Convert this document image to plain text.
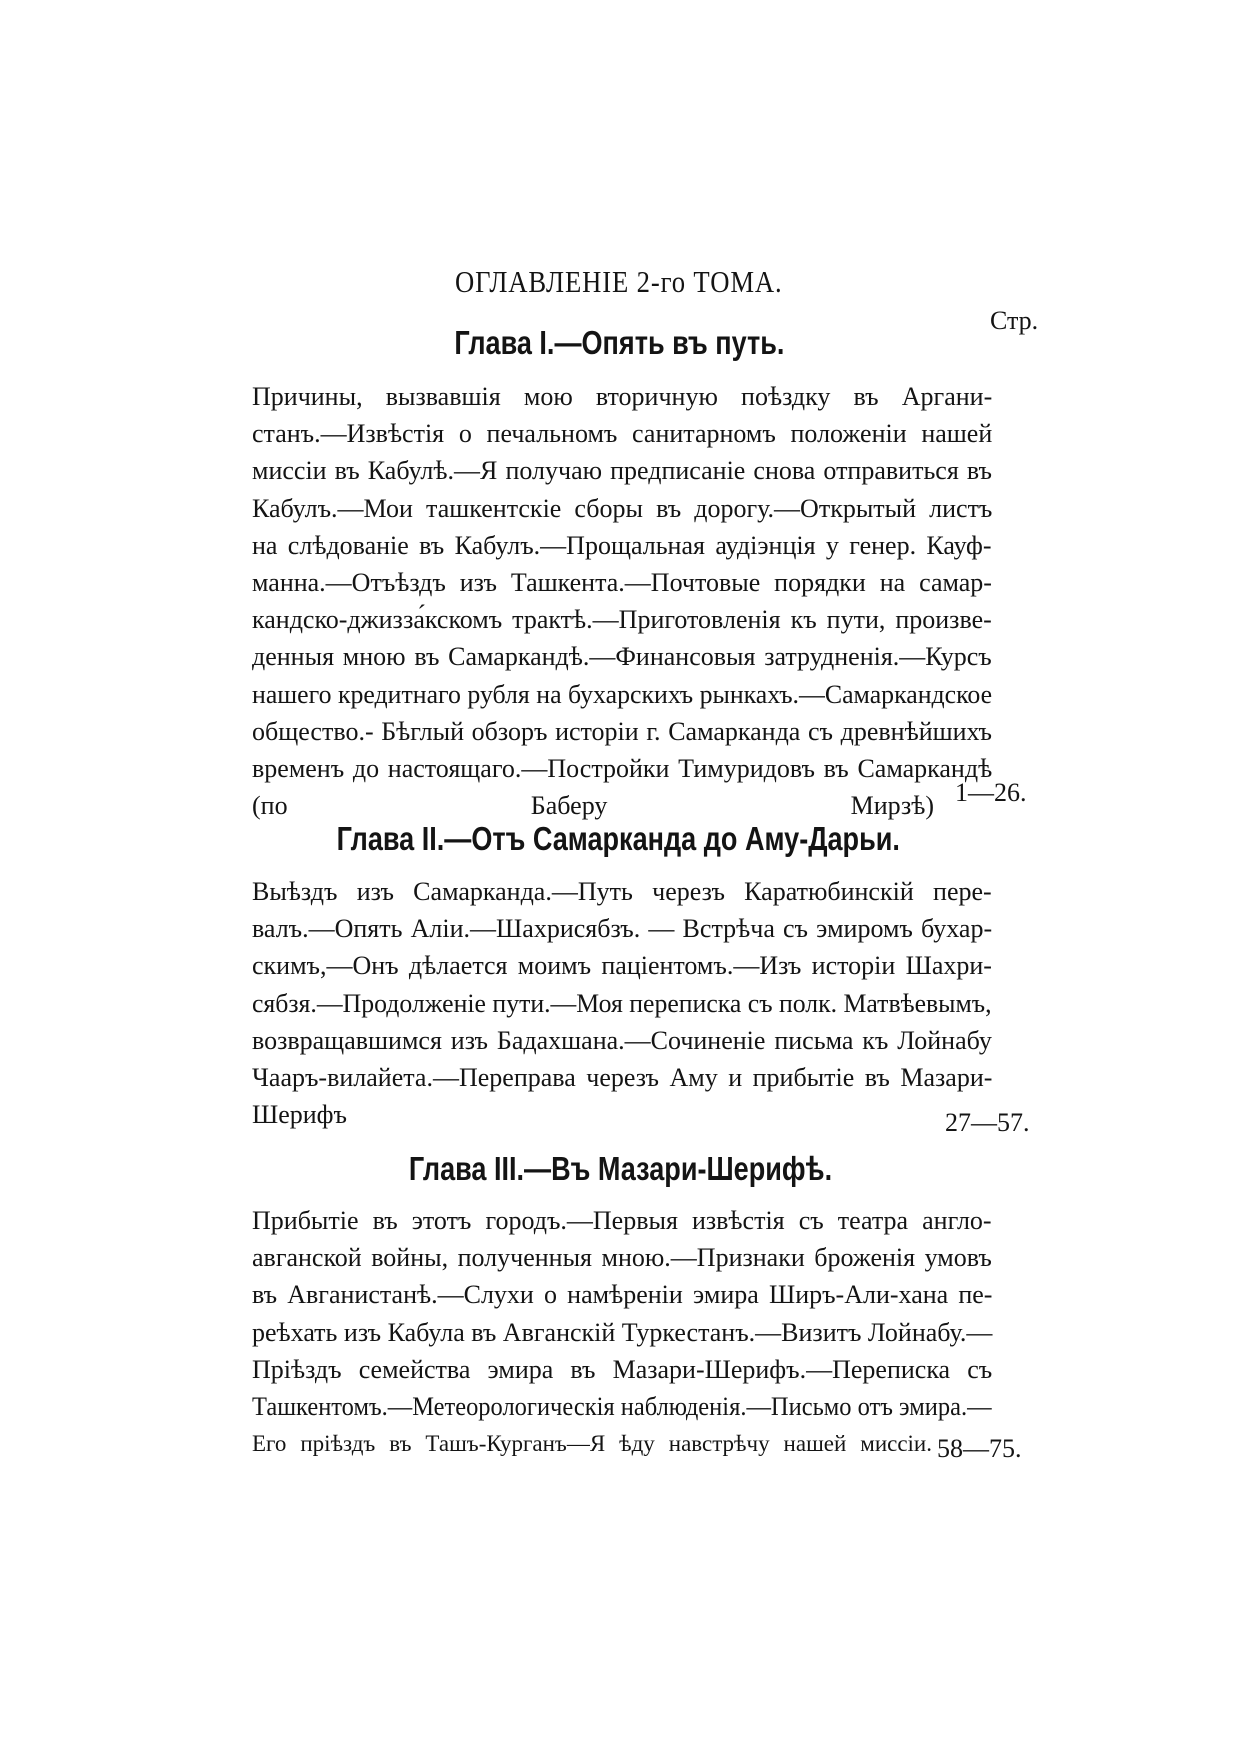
ОГЛАВЛЕНІЕ 2-го ТОМА.
Стр.
Глава I.—Опять въ путь.
Причины, вызвавшія мою вторичную поѣздку въ Аргани-
станъ.—Извѣстія о печальномъ санитарномъ положеніи нашей
миссіи въ Кабулѣ.—Я получаю предписаніе снова отправиться въ
Кабулъ.—Мои ташкентскіе сборы въ дорогу.—Открытый листъ
на слѣдованіе въ Кабулъ.—Прощальная аудіэнція у генер. Кауф-
манна.—Отъѣздъ изъ Ташкента.—Почтовые порядки на самар-
кандско-джизза́кскомъ трактѣ.—Приготовленія къ пути, произве-
денныя мною въ Самаркандѣ.—Финансовыя затрудненія.—Курсъ
нашего кредитнаго рубля на бухарскихъ рынкахъ.—Самаркандское
общество.- Бѣглый обзоръ исторіи г. Самарканда съ древнѣйшихъ
временъ до настоящаго.—Постройки Тимуридовъ въ Самаркандѣ
(по Баберу Мирзѣ) 1—26.
Глава II.—Отъ Самарканда до Аму-Дарьи.
Выѣздъ изъ Самарканда.—Путь черезъ Каратюбинскій пере-
валъ.—Опять Аліи.—Шахрисябзъ. — Встрѣча съ эмиромъ бухар-
скимъ,—Онъ дѣлается моимъ паціентомъ.—Изъ исторіи Шахри-
сябзя.—Продолженіе пути.—Моя переписка съ полк. Матвѣевымъ,
возвращавшимся изъ Бадахшана.—Сочиненіе письма къ Лойнабу
Чааръ-вилайета.—Переправа черезъ Аму и прибытіе въ Мазари-
Шерифъ	27—57.
Глава III.—Въ Мазари-Шерифѣ.
Прибытіе въ этотъ городъ.—Первыя извѣстія съ театра англо-
авганской войны, полученныя мною.—Признаки броженія умовъ
въ Авганистанѣ.—Слухи о намѣреніи эмира Ширъ-Али-хана пе-
реѣхать изъ Кабула въ Авганскій Туркестанъ.—Визитъ Лойнабу.—
Пріѣздъ семейства эмира въ Мазари-Шерифъ.—Переписка съ
Ташкентомъ.—Метеорологическія наблюденія.—Письмо отъ эмира.—
Его пріѣздъ въ Ташъ-Курганъ—Я ѣду навстрѣчу нашей миссіи. 58—75.
